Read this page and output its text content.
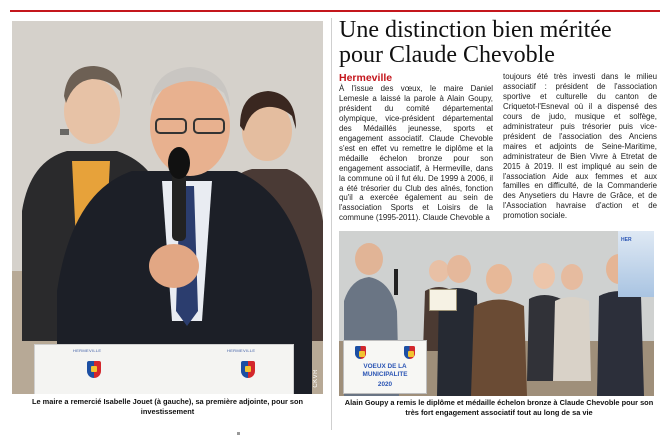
HERMEVILLE	HERMEVILLE
CKVR
Le maire a remercié Isabelle Jouet (à gauche), sa première adjointe, pour son investissement
Une distinction bien méritée pour Claude Chevoble
Hermeville
À l'issue des vœux, le maire Daniel Lemesle a laissé la parole à Alain Goupy, président du comité départemental olympique, vice-président départemental des Médaillés jeunesse, sports et engagement associatif. Claude Chevoble s'est en effet vu remettre le diplôme et la médaille échelon bronze pour son engagement associatif, à Hermeville, dans la commune où il fut élu. De 1999 à 2006, il a été trésorier du Club des aînés, fonction qu'il a exercée également au sein de l'association Sports et Loisirs de la commune (1995-2011). Claude Chevoble a
toujours été très investi dans le milieu associatif : président de l'association sportive et culturelle du canton de Criquetot-l'Esneval où il a dispensé des cours de judo, musique et solfège, administrateur puis trésorier puis vice-président de l'association des Anciens maires et adjoints de Seine-Maritime, administrateur de Bien Vivre à Etretat de 2015 à 2019. Il est impliqué au sein de l'association Aide aux femmes et aux familles en difficulté, de la Commanderie des Anysetiers du Havre de Grâce, et de l'Association havraise d'action et de promotion sociale.
HER
VOEUX DE LA MUNICIPALITE
2020
Alain Goupy a remis le diplôme et médaille échelon bronze à Claude Chevoble pour son très fort engagement associatif tout au long de sa vie
